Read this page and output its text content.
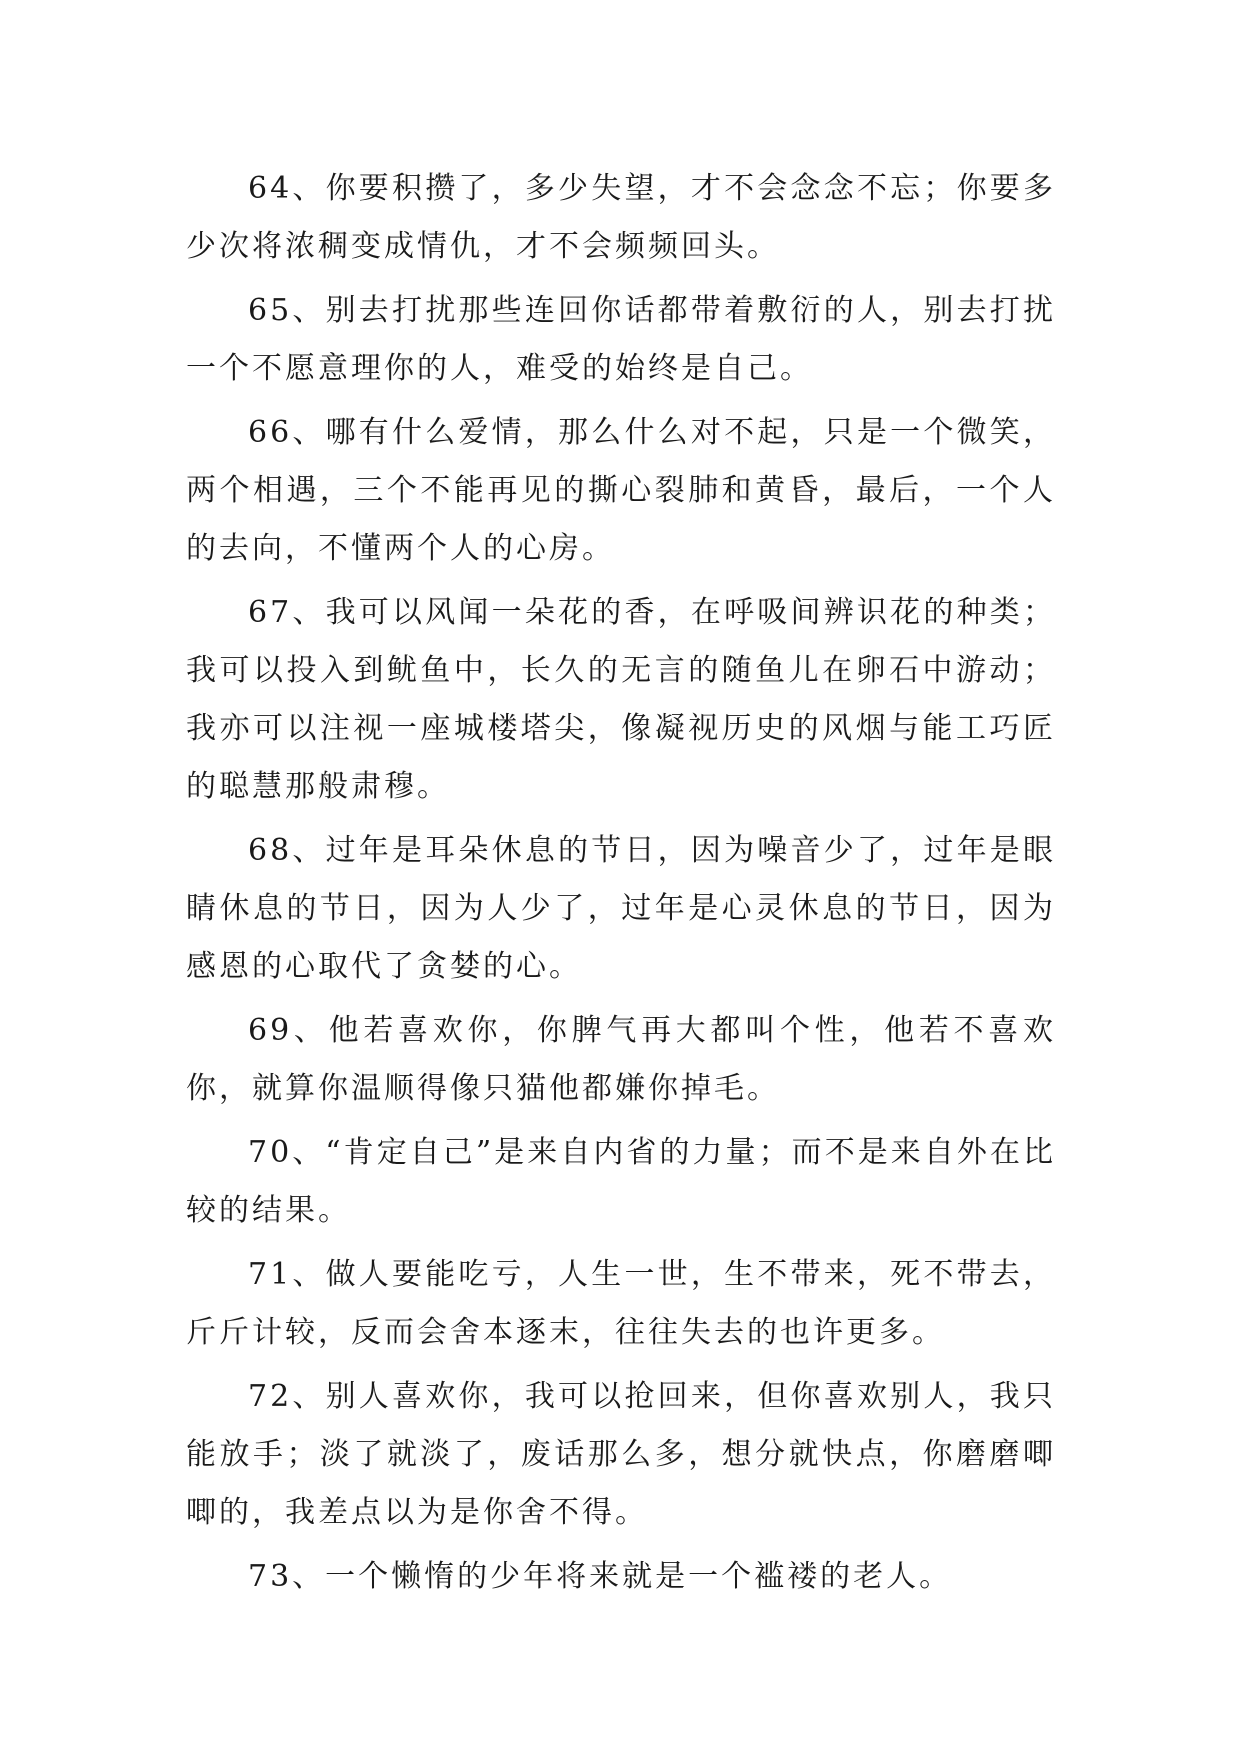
64、你要积攒了，多少失望，才不会念念不忘；你要多少次将浓稠变成情仇，才不会频频回头。

65、别去打扰那些连回你话都带着敷衍的人，别去打扰一个不愿意理你的人，难受的始终是自己。

66、哪有什么爱情，那么什么对不起，只是一个微笑，两个相遇，三个不能再见的撕心裂肺和黄昏，最后，一个人的去向，不懂两个人的心房。

67、我可以风闻一朵花的香，在呼吸间辨识花的种类；我可以投入到鱿鱼中，长久的无言的随鱼儿在卵石中游动；我亦可以注视一座城楼塔尖，像凝视历史的风烟与能工巧匠的聪慧那般肃穆。

68、过年是耳朵休息的节日，因为噪音少了，过年是眼睛休息的节日，因为人少了，过年是心灵休息的节日，因为感恩的心取代了贪婪的心。

69、他若喜欢你，你脾气再大都叫个性，他若不喜欢你，就算你温顺得像只猫他都嫌你掉毛。

70、“肯定自己”是来自内省的力量；而不是来自外在比较的结果。

71、做人要能吃亏，人生一世，生不带来，死不带去，斤斤计较，反而会舍本逐末，往往失去的也许更多。

72、别人喜欢你，我可以抢回来，但你喜欢别人，我只能放手；淡了就淡了，废话那么多，想分就快点，你磨磨唧唧的，我差点以为是你舍不得。

73、一个懒惰的少年将来就是一个褴褛的老人。
